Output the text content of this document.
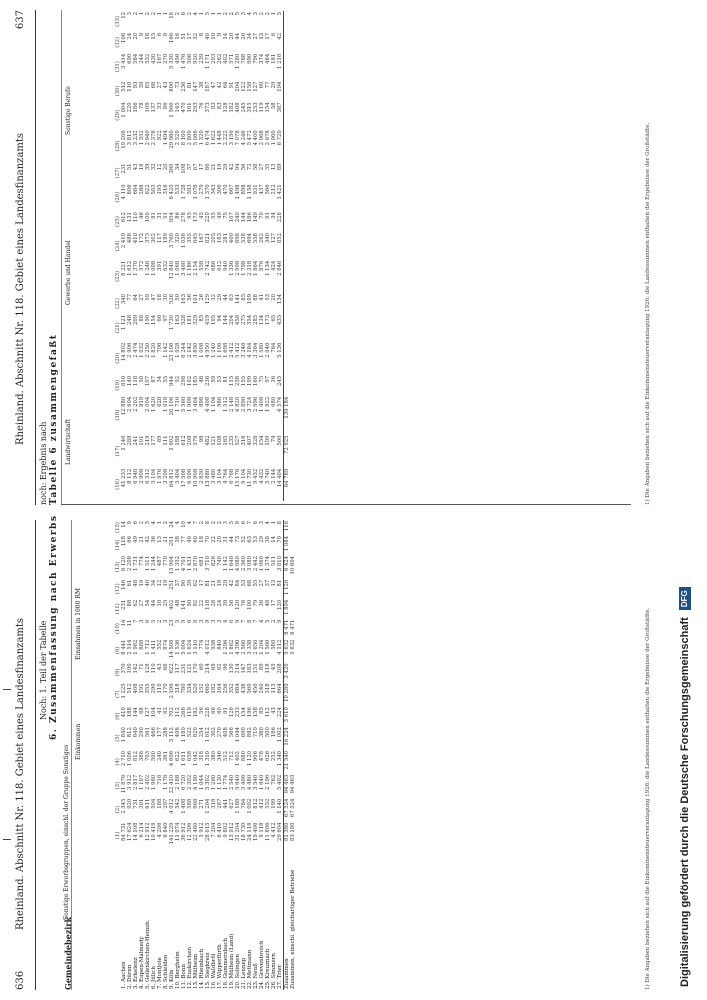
636
Rheinland. Abschnitt Nr. 118. Gebiet eines Landesfinanzamts Noch: 1. Teil der Tabelle 6. Zusammenfassung nach Erwerbs
Gemeindebezirk
Sonstige Erwerbsgruppen, einschl. der Gruppe Sonstiges
Einkommen
Einnahmen in 1000 RM
	(1)	(2)	(3)	(4)	(5)	(6)	(7)	(8)	(9)	(10)	(11)	(12)	(13)	(14)	(15)
1. Aachen	84 731	2 345	11 876	2 710	1 840	410	1 225	370	8 441	14	231	146	8 120	118	14
2. Düren	17 624	920	3 912	1 006	812	188	512	190	2 514	11	88	61	2 208	66	9
3. Erkelenz	14 108	731	2 817	812	640	144	408	142	1 962	7	62	48	1 731	49	6
4. Eupen-Malmedy	6 214	301	1 107	388	290	68	191	71	888	3	27	19	774	21	2
5. Geilenkirchen-Heinsb.	12 912	611	2 402	703	561	127	355	128	1 712	6	54	40	1 511	42	5
6. Jülich	10 418	504	1 980	590	466	104	290	110	1 411	5	44	34	1 244	36	4
7. Montjoie	4 206	188	716	240	177	41	110	43	552	2	16	12	487	13	1
8. Schleiden	6 840	297	1 178	361	288	62	170	66	874	3	25	19	770	21	2
9. Köln	141 220	4 012	22 410	4 606	3 112	702	2 196	622	14 508	23	402	251	13 904	201	24
10. Bergheim	11 074	542	2 188	622	498	112	318	117	1 536	5	48	37	1 352	38	4
11. Bonn	36 912	1 408	6 720	1 611	1 180	266	780	231	5 004	9	141	90	4 701	77	10
12. Euskirchen	12 306	588	2 302	658	522	119	334	121	1 624	6	50	39	1 431	40	4
13. Mülheim	22 480	968	4 190	1 042	820	182	520	170	3 110	8	92	62	2 870	60	7
14. Rheinbach	5 912	271	1 044	318	254	56	152	60	774	3	22	17	681	18	2
15. Siegkreis	28 615	1 204	5 302	1 310	1 012	228	660	214	4 012	9	118	81	3 710	70	8
16. Waldbröl	7 204	318	1 260	380	302	66	182	69	938	3	28	21	826	22	2
17. Wipperfürth	6 410	287	1 130	346	270	60	164	62	840	3	24	18	740	20	2
18. Gummersbach	9 802	441	1 774	512	408	91	256	96	1 296	4	39	29	1 142	31	3
19. Mülheim (Land)	13 912	627	2 540	712	566	126	352	130	1 862	6	56	42	1 640	44	5
20. Solingen	31 204	1 188	5 640	1 402	1 044	233	684	214	4 390	9	126	84	4 080	73	9
21. Lennep	18 730	784	3 406	880	690	154	438	147	2 560	7	76	53	2 360	52	6
22. Mettmann	24 118	1 002	4 480	1 120	882	196	560	183	3 338	8	100	68	3 080	63	7
23. Neuß	19 406	812	3 540	906	710	158	450	151	2 650	7	79	55	2 442	53	6
24. Grevenbroich	9 118	412	1 640	478	380	85	240	89	1 204	4	36	27	1 060	29	3
25. Kreuznach	11 806	552	2 196	626	500	112	318	118	1 560	5	48	37	1 374	38	4
26. Simmern	4 412	199	762	252	186	43	115	45	580	2	17	13	511	14	1
27. Trier	29 604	1 140	5 402	1 340	1 002	224	664	208	4 112	9	120	81	3 810	70	8
Zusammen	81 380	67 524	94 463	21 540	16 224	3 610	10 280	3 420	5 632	8 471	1 804	1 126	6 424	1 084	116
Zusammen, einschl. gleichartiger Betriebe	83 180	67 524	94 463						5 632	8 471			10 804		
1) Die Angaben beziehen sich auf die Einkommensteuerveranlagung 1926; die Landessummen enthalten die Ergebnisse der Großstädte.
Rheinland. Abschnitt Nr. 118. Gebiet eines Landesfinanzamts
637
noch: Ergebnis nach Tabelle 6 zusammengefaßt Landwirtschaft
Gewerbe und Handel
Sonstige Berufe
(16)	(17)	(18)	(19)	(20)	(21)	(22)	(23)	(24)	(25)	(26)	(27)	(28)	(29)	(30)	(31)	(32)	(33)
41 233	1 246	12 880	610	14 802	1 121	340	8 221	2 410	612	4 110	231	19 206	1 004	512	3 414	106	12
8 112	288	2 604	140	2 906	248	77	1 612	488	131	806	51	3 812	220	110	690	24	3
6 940	241	2 202	118	2 474	209	64	1 370	410	110	684	43	3 232	186	93	584	20	2
2 908	101	918	50	1 032	88	27	572	172	46	286	18	1 352	78	39	244	9	1
6 312	219	2 004	107	2 250	190	59	1 246	373	100	622	39	2 940	169	85	532	18	2
5 104	177	1 620	87	1 820	154	47	1 008	302	81	503	32	2 378	137	68	430	15	2
1 976	69	628	34	706	60	18	391	117	31	195	12	922	53	27	167	6	1
3 208	111	1 018	55	1 142	97	30	632	189	51	316	20	1 494	86	43	270	9	1
64 812	1 902	20 106	944	23 108	1 730	526	12 840	3 760	954	6 420	360	29 980	1 560	800	5 330	166	18
5 404	188	1 716	92	1 928	163	50	1 068	320	86	533	34	2 520	145	73	456	16	2
17 508	612	5 560	298	6 244	528	163	3 460	1 036	278	1 728	108	8 160	470	236	1 476	51	6
6 006	208	1 908	102	2 142	181	56	1 186	355	95	593	37	2 800	161	81	506	17	2
10 908	379	3 464	185	3 890	329	101	2 154	645	173	1 076	67	5 086	293	147	920	32	4
2 830	98	898	48	1 008	85	26	558	167	45	279	17	1 320	76	38	239	8	1
13 880	482	4 408	236	4 950	419	129	2 742	821	220	1 370	86	6 474	373	187	1 171	40	5
3 480	121	1 104	59	1 240	105	32	686	205	55	343	21	1 622	93	47	293	10	1
3 104	108	986	53	1 106	94	29	612	183	49	306	19	1 448	83	42	262	9	1
4 764	165	1 512	81	1 698	144	44	940	281	75	470	29	2 222	128	64	402	14	2
6 768	235	2 148	115	2 412	204	63	1 336	400	107	667	42	3 156	182	91	571	20	2
15 176	527	4 820	258	5 412	458	141	2 998	898	240	1 498	94	7 078	408	204	1 280	44	5
9 104	316	2 890	155	3 246	275	85	1 798	538	144	898	56	4 246	245	122	768	26	3
11 730	407	3 724	199	4 184	354	109	2 318	694	186	1 158	72	5 472	315	158	990	34	4
9 432	328	2 996	160	3 364	285	88	1 864	558	149	931	58	4 400	253	127	796	27	3
4 432	154	1 408	75	1 580	134	41	876	262	70	437	27	2 068	119	60	374	13	2
5 740	199	1 822	97	2 046	173	53	1 134	340	91	566	35	2 678	154	77	484	17	2
2 144	74	680	36	764	65	20	424	127	34	212	13	1 000	58	29	181	6	1
14 404	500	4 574	245	5 136	435	134	2 846	852	228	1 421	89	6 720	387	194	1 216	42	5
64 789	72 925	139 184																1) Die Angaben beziehen sich auf die Einkommensteuerveranlagung 1926; die Landessummen enthalten die Ergebnisse der Großstädte.
Digitalisierung gefördert durch die Deutsche Forschungsgemeinschaft DFG
